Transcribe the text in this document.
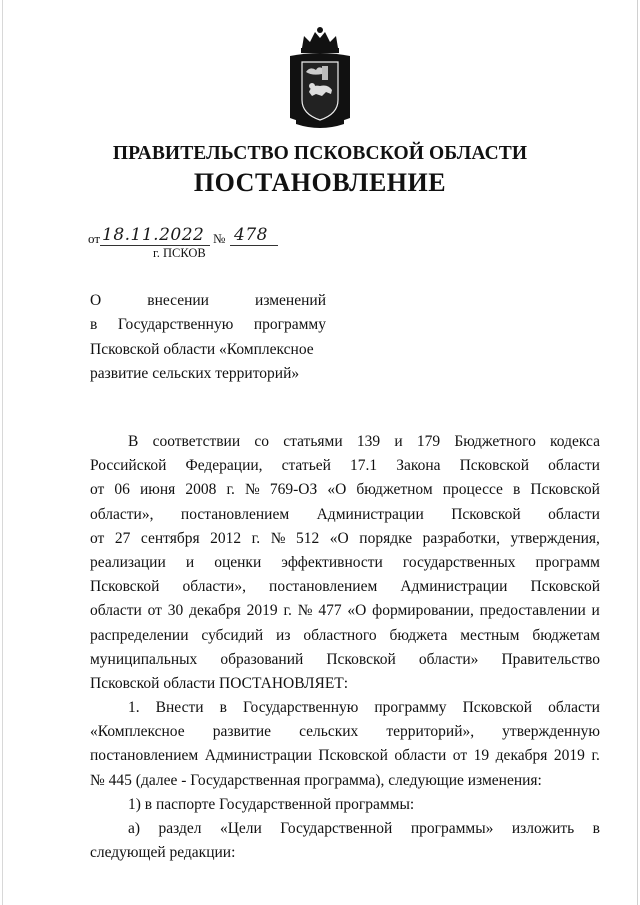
ПРАВИТЕЛЬСТВО ПСКОВСКОЙ ОБЛАСТИ
ПОСТАНОВЛЕНИЕ
от 18.11.2022 № 478
г. ПСКОВ
О	внесении	изменений
в Государственную программу
Псковской области «Комплексное
развитие сельских территорий»
В соответствии со статьями 139 и 179 Бюджетного кодекса
Российской Федерации, статьей 17.1 Закона Псковской области
от 06 июня 2008 г. № 769-ОЗ «О бюджетном процессе в Псковской
области», постановлением Администрации Псковской области
от 27 сентября 2012 г. № 512 «О порядке разработки, утверждения,
реализации и оценки эффективности государственных программ
Псковской области», постановлением Администрации Псковской
области от 30 декабря 2019 г. № 477 «О формировании, предоставлении и
распределении субсидий из областного бюджета местным бюджетам
муниципальных образований Псковской области» Правительство
Псковской области ПОСТАНОВЛЯЕТ:
1. Внести в Государственную программу Псковской области
«Комплексное развитие сельских территорий», утвержденную
постановлением Администрации Псковской области от 19 декабря 2019 г.
№ 445 (далее - Государственная программа), следующие изменения:
1) в паспорте Государственной программы:
а) раздел «Цели Государственной программы» изложить в
следующей редакции:
